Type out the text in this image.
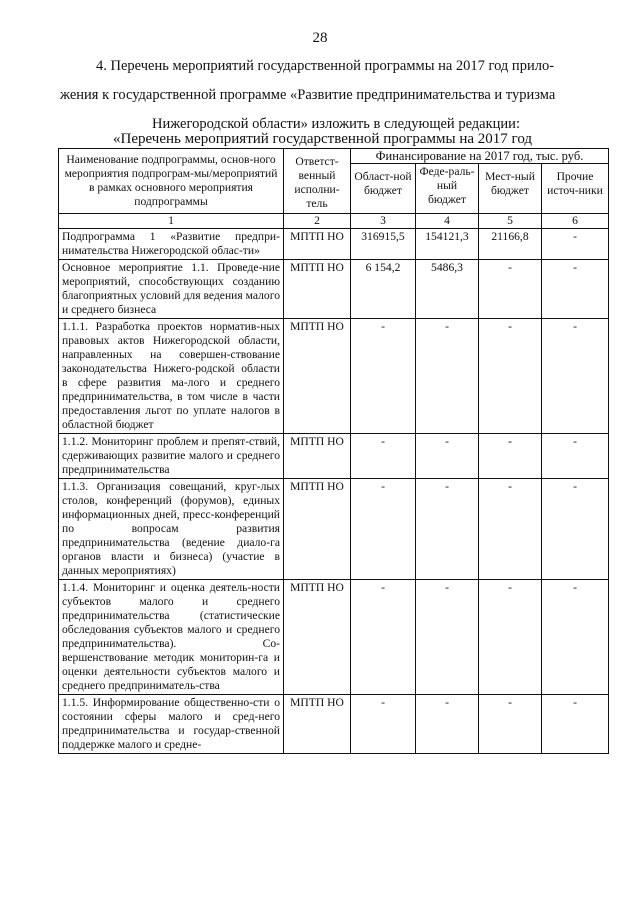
28

4. Перечень мероприятий государственной программы на 2017 год прило-

жения к государственной программе «Развитие предпринимательства и туризма

Нижегородской области» изложить в следующей редакции:

«Перечень мероприятий государственной программы на 2017 год
Наименование подпрограммы, основ-ного мероприятия подпрограм-мы/мероприятий в рамках основного мероприятия подпрограммы	Ответст-венный исполни-тель	Финансирование на 2017 год, тыс. руб.			
		Област-ной бюджет	Феде-раль-ный бюджет	Мест-ный бюджет	Прочие источ-ники
1	2	3	4	5	6
Подпрограмма 1 «Развитие предпри-нимательства Нижегородской облас-ти»	МПТП НО	316915,5	154121,3	21166,8	-
Основное мероприятие 1.1. Проведе-ние мероприятий, способствующих созданию благоприятных условий для ведения малого и среднего бизнеса	МПТП НО	6 154,2	5486,3	-	-
1.1.1. Разработка проектов норматив-ных правовых актов Нижегородской области, направленных на совершен-ствование законодательства Нижего-родской области в сфере развития ма-лого и среднего предпринимательства, в том числе в части предоставления льгот по уплате налогов в областной бюджет	МПТП НО	-	-	-	-
1.1.2. Мониторинг проблем и препят-ствий, сдерживающих развитие малого и среднего предпринимательства	МПТП НО	-	-	-	-
1.1.3. Организация совещаний, круг-лых столов, конференций (форумов), единых информационных дней, пресс-конференций по вопросам развития предпринимательства (ведение диало-га органов власти и бизнеса) (участие в данных мероприятиях)	МПТП НО	-	-	-	-
1.1.4. Мониторинг и оценка деятель-ности субъектов малого и среднего предпринимательства (статистические обследования субъектов малого и среднего предпринимательства). Со-вершенствование методик мониторин-га и оценки деятельности субъектов малого и среднего предприниматель-ства	МПТП НО	-	-	-	-
1.1.5. Информирование общественно-сти о состоянии сферы малого и сред-него предпринимательства и государ-ственной поддержке малого и средне-	МПТП НО	-	-	-	-
